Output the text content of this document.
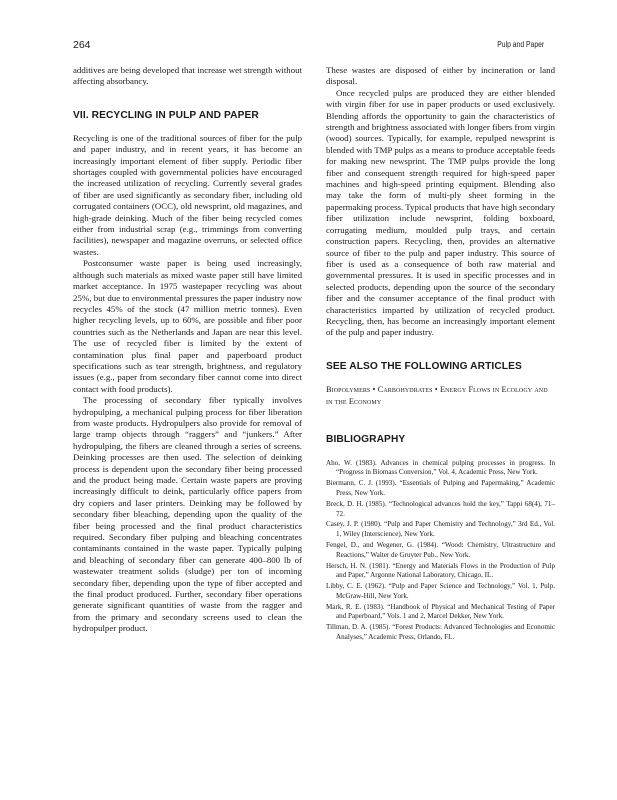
264	Pulp and Paper

additives are being developed that increase wet strength without affecting absorbancy.

VII. RECYCLING IN PULP AND PAPER

Recycling is one of the traditional sources of fiber for the pulp and paper industry, and in recent years, it has become an increasingly important element of fiber supply. Periodic fiber shortages coupled with governmental policies have encouraged the increased utilization of recycling. Currently several grades of fiber are used significantly as secondary fiber, including old corrugated containers (OCC), old newsprint, old magazines, and high-grade deinking. Much of the fiber being recycled comes either from industrial scrap (e.g., trimmings from converting facilities), newspaper and magazine overruns, or selected office wastes.

Postconsumer waste paper is being used increasingly, although such materials as mixed waste paper still have limited market acceptance. In 1975 wastepaper recycling was about 25%, but due to environmental pressures the paper industry now recycles 45% of the stock (47 million metric tonnes). Even higher recycling levels, up to 60%, are possible and fiber poor countries such as the Netherlands and Japan are near this level. The use of recycled fiber is limited by the extent of contamination plus final paper and paperboard product specifications such as tear strength, brightness, and regulatory issues (e.g., paper from secondary fiber cannot come into direct contact with food products).

The processing of secondary fiber typically involves hydropulping, a mechanical pulping process for fiber liberation from waste products. Hydropulpers also provide for removal of large tramp objects through “raggers” and “junkers.” After hydropulping, the fibers are cleaned through a series of screens. Deinking processes are then used. The selection of deinking process is dependent upon the secondary fiber being processed and the product being made. Certain waste papers are proving increasingly difficult to deink, particularly office papers from dry copiers and laser printers. Deinking may be followed by secondary fiber bleaching, depending upon the quality of the fiber being processed and the final product characteristics required. Secondary fiber pulping and bleaching concentrates contaminants contained in the waste paper. Typically pulping and bleaching of secondary fiber can generate 400–800 lb of wastewater treatment solids (sludge) per ton of incoming secondary fiber, depending upon the type of fiber accepted and the final product produced. Further, secondary fiber operations generate significant quantities of waste from the ragger and from the primary and secondary screens used to clean the hydropulper product.

These wastes are disposed of either by incineration or land disposal.

Once recycled pulps are produced they are either blended with virgin fiber for use in paper products or used exclusively. Blending affords the opportunity to gain the characteristics of strength and brightness associated with longer fibers from virgin (wood) sources. Typically, for example, repulped newsprint is blended with TMP pulps as a means to produce acceptable feeds for making new newsprint. The TMP pulps provide the long fiber and consequent strength required for high-speed paper machines and high-speed printing equipment. Blending also may take the form of multi-ply sheet forming in the papermaking process. Typical products that have high secondary fiber utilization include newsprint, folding boxboard, corrugating medium, moulded pulp trays, and certain construction papers. Recycling, then, provides an alternative source of fiber to the pulp and paper industry. This source of fiber is used as a consequence of both raw material and governmental pressures. It is used in specific processes and in selected products, depending upon the source of the secondary fiber and the consumer acceptance of the final product with characteristics imparted by utilization of recycled product. Recycling, then, has become an increasingly important element of the pulp and paper industry.

SEE ALSO THE FOLLOWING ARTICLES

Biopolymers • Carbohydrates • Energy Flows in Ecology and in the Economy

BIBLIOGRAPHY

Aho, W. (1983). Advances in chemical pulping processes in progress. In “Progress in Biomass Conversion,” Vol. 4, Academic Press, New York.

Biermann, C. J. (1993). “Essentials of Pulping and Papermaking,” Academic Press, New York.

Breck, D. H. (1985). “Technological advances hold the key,” Tappi 68(4), 71–72.

Casey, J. P. (1980). “Pulp and Paper Chemistry and Technology,” 3rd Ed., Vol. 1, Wiley (Interscience), New York.

Fengel, D., and Wegener, G. (1984). “Wood: Chemistry, Ultrastructure and Reactions,” Walter de Gruyter Pub., New York.

Hersch, H. N. (1981). “Energy and Materials Flows in the Production of Pulp and Paper,” Argonne National Laboratory, Chicago, IL.

Libby, C. E. (1962). “Pulp and Paper Science and Technology,” Vol. 1, Pulp. McGraw-Hill, New York.

Mark, R. E. (1983). “Handbook of Physical and Mechanical Testing of Paper and Paperboard,” Vols. 1 and 2, Marcel Dekker, New York.

Tillman, D. A. (1985). “Forest Products: Advanced Technologies and Economic Analyses,” Academic Press, Orlando, FL.
